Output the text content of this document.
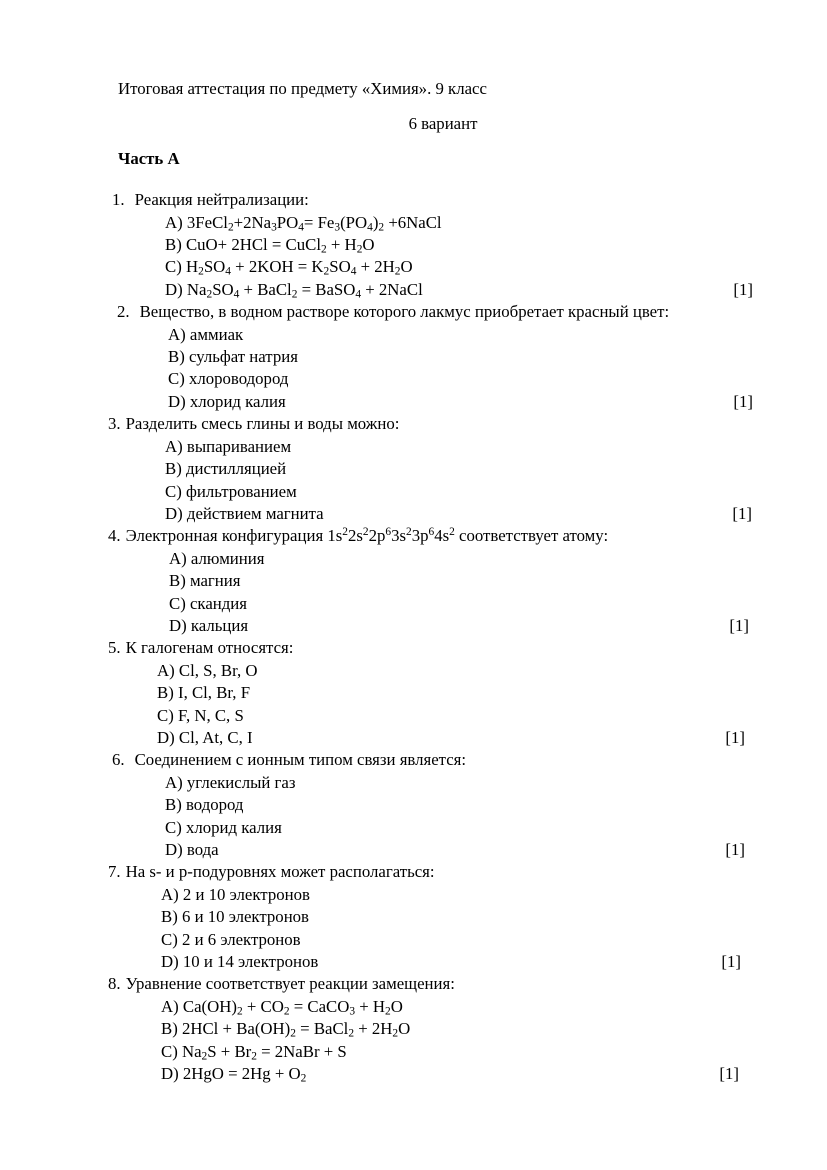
Итоговая аттестация по предмету «Химия». 9 класс
6 вариант
Часть А
1. Реакция нейтрализации:
A) $3FeCl_2+2Na_3PO_4= Fe_3(PO_4)_2$ +6NaCl
B) CuO+ 2HCl = CuCl$_2$ + $H_2O$
C) $H_2SO_4 + 2KOH = K_2SO_4 + 2H_2O$
D) $Na_2SO_4$ + BaCl$_2$ = BaSO$_4$ + 2NaCl	[1]
2. Вещество, в водном растворе которого лакмус приобретает красный цвет:
A) аммиак
B) сульфат натрия
C) хлороводород
D) хлорид калия	[1]
3. Разделить смесь глины и воды можно:
A) выпариванием
B) дистилляцией
C) фильтрованием
D) действием магнита	[1]
4. Электронная конфигурация $1s^22s^22p^63s^23p^64s^2$ соответствует атому:
A) алюминия
B) магния
C) скандия
D) кальция	[1]
5. К галогенам относятся:
A) Cl, S, Br, O
B) I, Cl, Br, F
C) F, N, C, S
D) Cl, At, C, I	[1]
6. Соединением с ионным типом связи является:
A) углекислый газ
B) водород
C) хлорид калия
D) вода	[1]
7. На s- и p-подуровнях может располагаться:
A) 2 и 10 электронов
B) 6 и 10 электронов
C) 2 и 6 электронов
D) 10 и 14 электронов	[1]
8. Уравнение соответствует реакции замещения:
A) $Ca(OH)_2 + CO_2$ = CaCO$_3$ + $H_2O$
B) $2HCl + Ba(OH)_2$ = BaCl$_2$ + $2H_2O$
C) $Na_2S + Br_2$ = 2NaBr + S
D) $2HgO = 2Hg + O_2$	[1]
